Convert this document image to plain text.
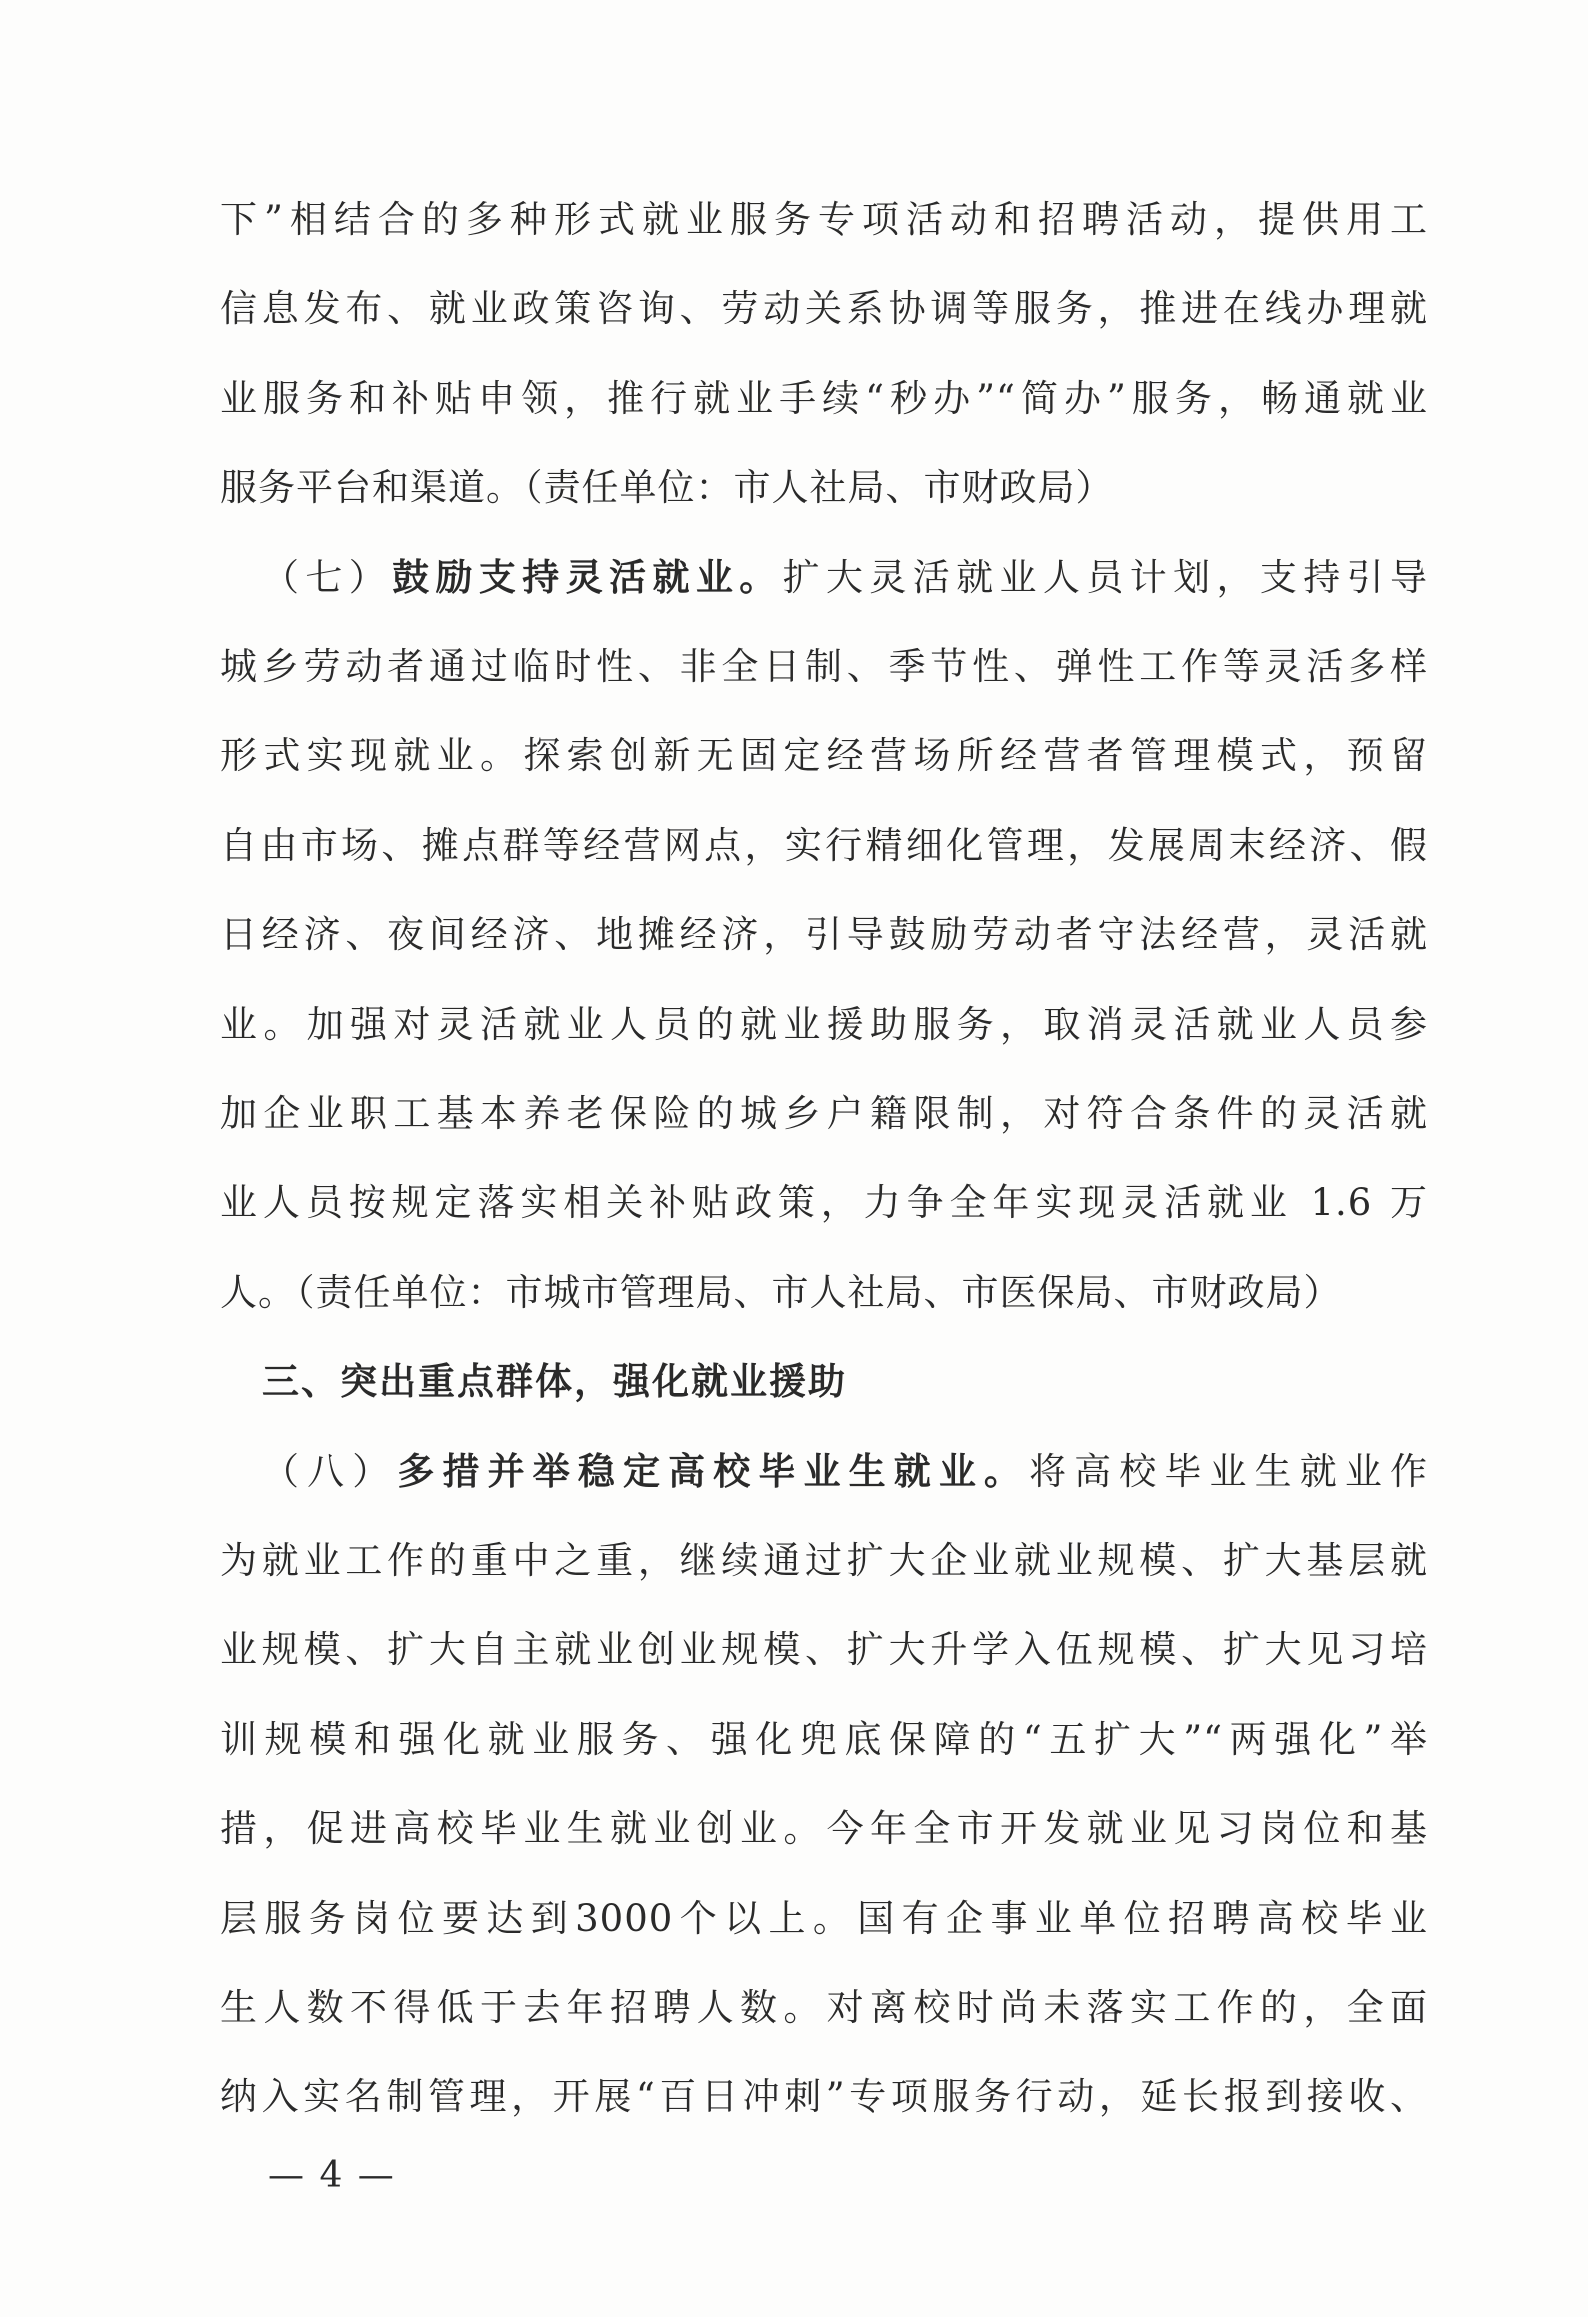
下”相结合的多种形式就业服务专项活动和招聘活动，提供用工
信息发布、就业政策咨询、劳动关系协调等服务，推进在线办理就
业服务和补贴申领，推行就业手续“秒办”“简办”服务，畅通就业
服务平台和渠道。（责任单位：市人社局、市财政局）
（七）鼓励支持灵活就业。扩大灵活就业人员计划，支持引导
城乡劳动者通过临时性、非全日制、季节性、弹性工作等灵活多样
形式实现就业。探索创新无固定经营场所经营者管理模式，预留
自由市场、摊点群等经营网点，实行精细化管理，发展周末经济、假
日经济、夜间经济、地摊经济，引导鼓励劳动者守法经营，灵活就
业。加强对灵活就业人员的就业援助服务，取消灵活就业人员参
加企业职工基本养老保险的城乡户籍限制，对符合条件的灵活就
业人员按规定落实相关补贴政策，力争全年实现灵活就业 1.6 万
人。（责任单位：市城市管理局、市人社局、市医保局、市财政局）
三、突出重点群体，强化就业援助
（八）多措并举稳定高校毕业生就业。将高校毕业生就业作
为就业工作的重中之重，继续通过扩大企业就业规模、扩大基层就
业规模、扩大自主就业创业规模、扩大升学入伍规模、扩大见习培
训规模和强化就业服务、强化兜底保障的“五扩大”“两强化”举
措，促进高校毕业生就业创业。今年全市开发就业见习岗位和基
层服务岗位要达到3000个以上。国有企事业单位招聘高校毕业
生人数不得低于去年招聘人数。对离校时尚未落实工作的，全面
纳入实名制管理，开展“百日冲刺”专项服务行动，延长报到接收、
— 4 —
